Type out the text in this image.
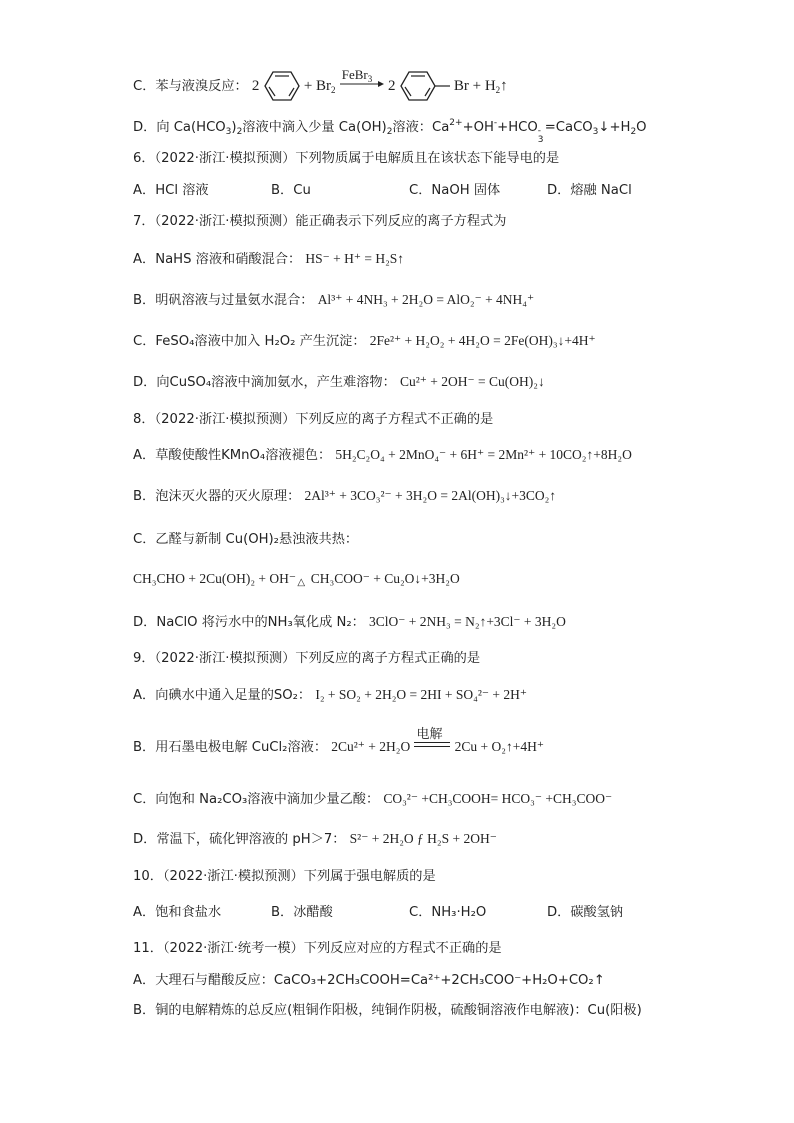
C．苯与液溴反应： 2	+ $Br_2$
FeBr$_3$ 2	$Br + H_2↑$
D．向 $Ca(HCO_3)_2$溶液中滴入少量 $Ca(OH)_2$溶液：$Ca^{2+}+OH^-+HCO$ -
3
$=CaCO_3↓+H_2O$
6．（2022·浙江·模拟预测）下列物质属于电解质且在该状态下能导电的是
A．HCl 溶液	B．Cu	C．NaOH 固体	D．熔融 NaCl
7．（2022·浙江·模拟预测）能正确表示下列反应的离子方程式为
A．NaHS 溶液和硝酸混合： HS⁻ + H⁺ = H₂S↑
B．明矾溶液与过量氨水混合： Al³⁺ + 4NH₃ + 2H₂O = AlO₂⁻ + 4NH₄⁺
C．FeSO₄溶液中加入 H₂O₂ 产生沉淀： 2Fe²⁺ + H₂O₂ + 4H₂O = 2Fe(OH)₃↓+4H⁺
D．向CuSO₄溶液中滴加氨水，产生难溶物： Cu²⁺ + 2OH⁻ = Cu(OH)₂↓
8．（2022·浙江·模拟预测）下列反应的离子方程式不正确的是
A．草酸使酸性KMnO₄溶液褪色： 5H₂C₂O₄ + 2MnO₄⁻ + 6H⁺ = 2Mn²⁺ + 10CO₂↑+8H₂O
B．泡沫灭火器的灭火原理： 2Al³⁺ + 3CO₃²⁻ + 3H₂O = 2Al(OH)₃↓+3CO₂↑
C．乙醛与新制 Cu(OH)₂悬浊液共热：
CH₃CHO + 2Cu(OH)₂ + OH⁻ △ CH₃COO⁻ + Cu₂O↓+3H₂O
D．NaClO 将污水中的NH₃氧化成 N₂： 3ClO⁻ + 2NH₃ = N₂↑+3Cl⁻ + 3H₂O
9．（2022·浙江·模拟预测）下列反应的离子方程式正确的是
A．向碘水中通入足量的SO₂： I₂ + SO₂ + 2H₂O = 2HI + SO₄²⁻ + 2H⁺
B．用石墨电极电解 CuCl₂溶液： 2Cu²⁺ + 2H₂O
电解
2Cu + O₂↑+4H⁺
C．向饱和 Na₂CO₃溶液中滴加少量乙酸： CO₃²⁻ +CH₃COOH= HCO₃⁻ +CH₃COO⁻
D．常温下，硫化钾溶液的 pH＞7： S²⁻ + 2H₂O ƒ H₂S + 2OH⁻
10．（2022·浙江·模拟预测）下列属于强电解质的是
A．饱和食盐水	B．冰醋酸	C．NH₃·H₂O	D．碳酸氢钠
11．（2022·浙江·统考一模）下列反应对应的方程式不正确的是
A．大理石与醋酸反应：CaCO₃+2CH₃COOH=Ca²⁺+2CH₃COO⁻+H₂O+CO₂↑
B．铜的电解精炼的总反应(粗铜作阳极，纯铜作阴极，硫酸铜溶液作电解液)：Cu(阳极)
